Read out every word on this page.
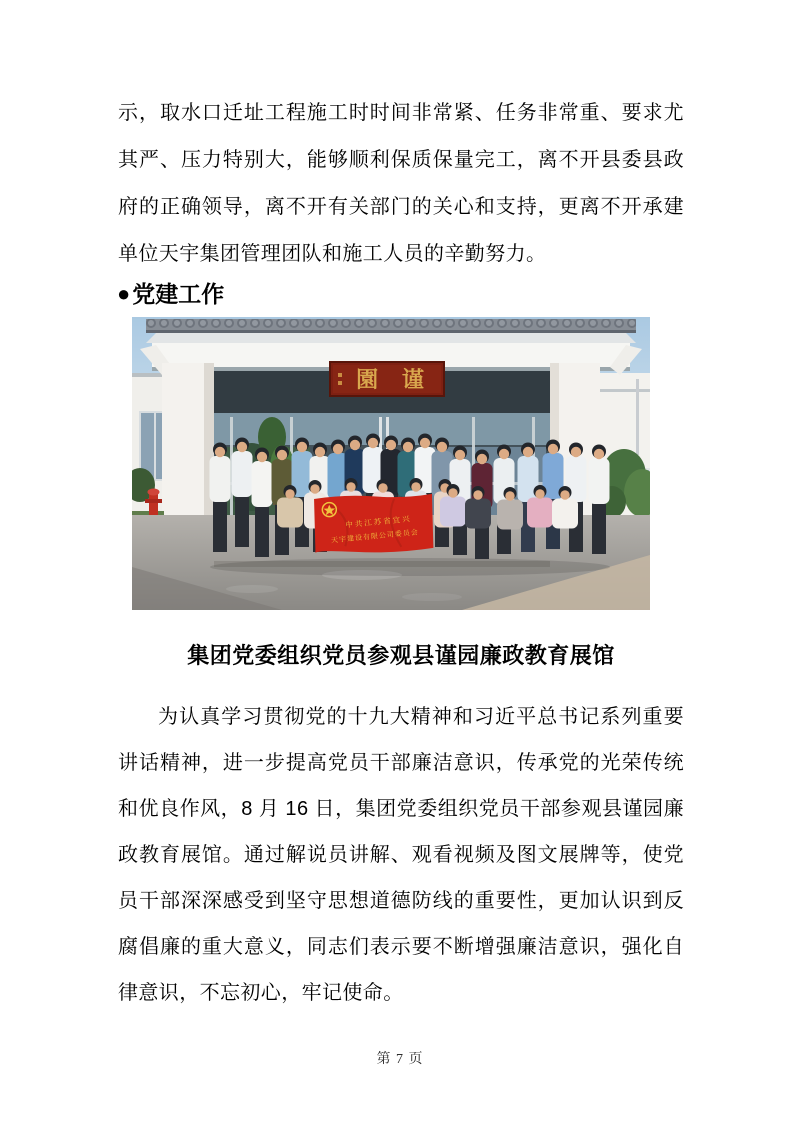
示，取水口迁址工程施工时时间非常紧、任务非常重、要求尤其严、压力特别大，能够顺利保质保量完工，离不开县委县政府的正确领导，离不开有关部门的关心和支持，更离不开承建单位天宇集团管理团队和施工人员的辛勤努力。
● 党建工作
園 谨
中共江苏省宜兴
天宇建设有限公司委员会
集团党委组织党员参观县谨园廉政教育展馆
为认真学习贯彻党的十九大精神和习近平总书记系列重要讲话精神，进一步提高党员干部廉洁意识，传承党的光荣传统和优良作风，8 月 16 日，集团党委组织党员干部参观县谨园廉政教育展馆。通过解说员讲解、观看视频及图文展牌等，使党员干部深深感受到坚守思想道德防线的重要性，更加认识到反腐倡廉的重大意义，同志们表示要不断增强廉洁意识，强化自律意识，不忘初心，牢记使命。
第 7 页
